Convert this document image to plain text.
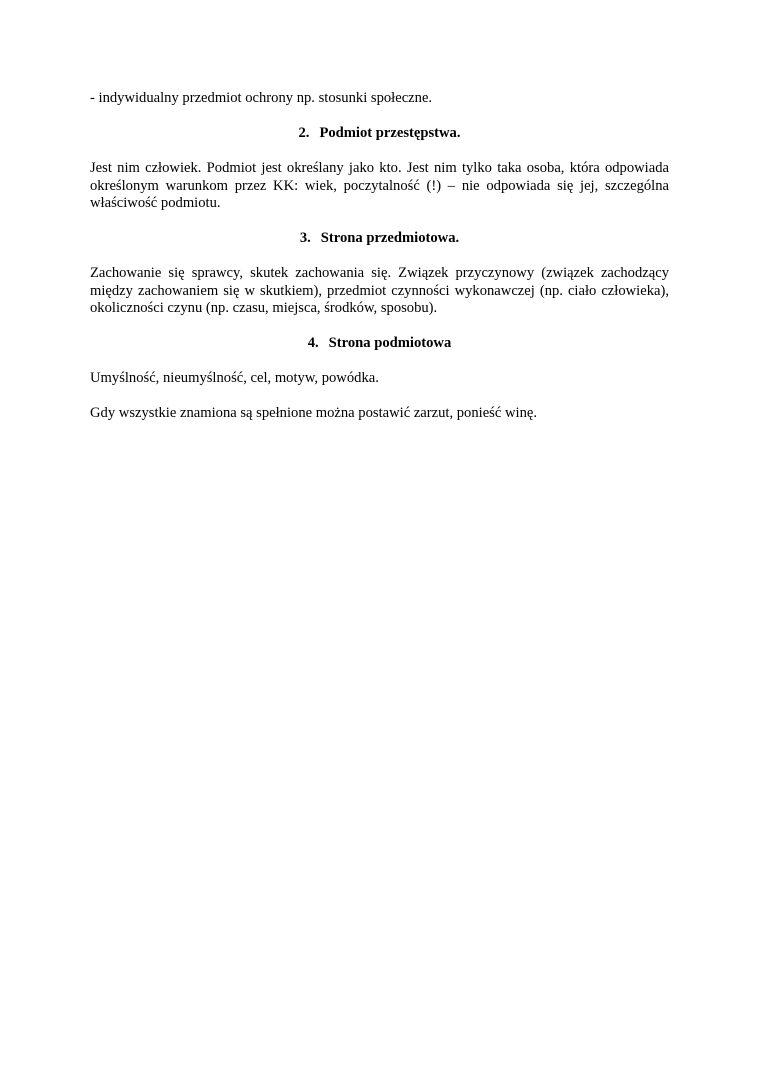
- indywidualny przedmiot ochrony np. stosunki społeczne.

2. Podmiot przestępstwa.

Jest nim człowiek. Podmiot jest określany jako kto. Jest nim tylko taka osoba, która odpowiada określonym warunkom przez KK: wiek, poczytalność (!) – nie odpowiada się jej, szczególna właściwość podmiotu.

3. Strona przedmiotowa.

Zachowanie się sprawcy, skutek zachowania się. Związek przyczynowy (związek zachodzący między zachowaniem się w skutkiem), przedmiot czynności wykonawczej (np. ciało człowieka), okoliczności czynu (np. czasu, miejsca, środków, sposobu).

4. Strona podmiotowa

Umyślność, nieumyślność, cel, motyw, powódka.

Gdy wszystkie znamiona są spełnione można postawić zarzut, ponieść winę.
